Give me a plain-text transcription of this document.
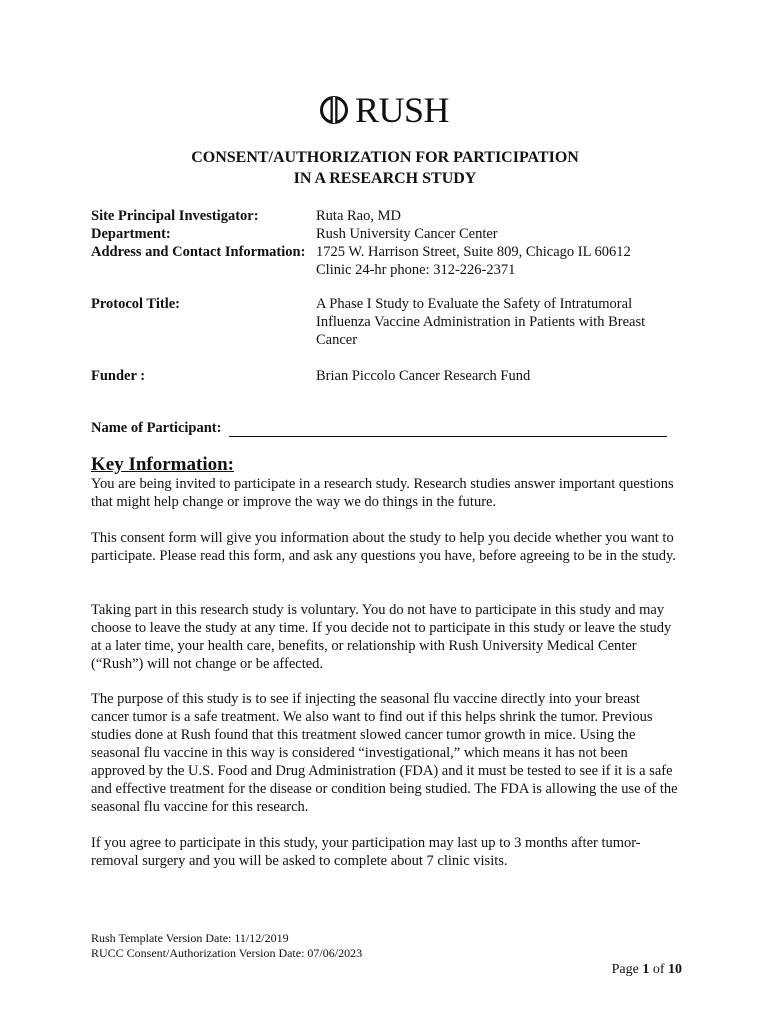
RUSH
CONSENT/AUTHORIZATION FOR PARTICIPATION
IN A RESEARCH STUDY
Site Principal Investigator:	Ruta Rao, MD
Department:	Rush University Cancer Center
Address and Contact Information: 1725 W. Harrison Street, Suite 809, Chicago IL 60612
Clinic 24-hr phone: 312-226-2371
Protocol Title:	A Phase I Study to Evaluate the Safety of Intratumoral Influenza Vaccine Administration in Patients with Breast Cancer
Funder :	Brian Piccolo Cancer Research Fund
Name of Participant:
Key Information:
You are being invited to participate in a research study. Research studies answer important questions that might help change or improve the way we do things in the future.
This consent form will give you information about the study to help you decide whether you want to participate. Please read this form, and ask any questions you have, before agreeing to be in the study.
Taking part in this research study is voluntary. You do not have to participate in this study and may choose to leave the study at any time. If you decide not to participate in this study or leave the study at a later time, your health care, benefits, or relationship with Rush University Medical Center (“Rush”) will not change or be affected.
The purpose of this study is to see if injecting the seasonal flu vaccine directly into your breast cancer tumor is a safe treatment. We also want to find out if this helps shrink the tumor. Previous studies done at Rush found that this treatment slowed cancer tumor growth in mice. Using the seasonal flu vaccine in this way is considered “investigational,” which means it has not been approved by the U.S. Food and Drug Administration (FDA) and it must be tested to see if it is a safe and effective treatment for the disease or condition being studied. The FDA is allowing the use of the seasonal flu vaccine for this research.
If you agree to participate in this study, your participation may last up to 3 months after tumor-removal surgery and you will be asked to complete about 7 clinic visits.
Rush Template Version Date: 11/12/2019
RUCC Consent/Authorization Version Date: 07/06/2023
Page 1 of 10
